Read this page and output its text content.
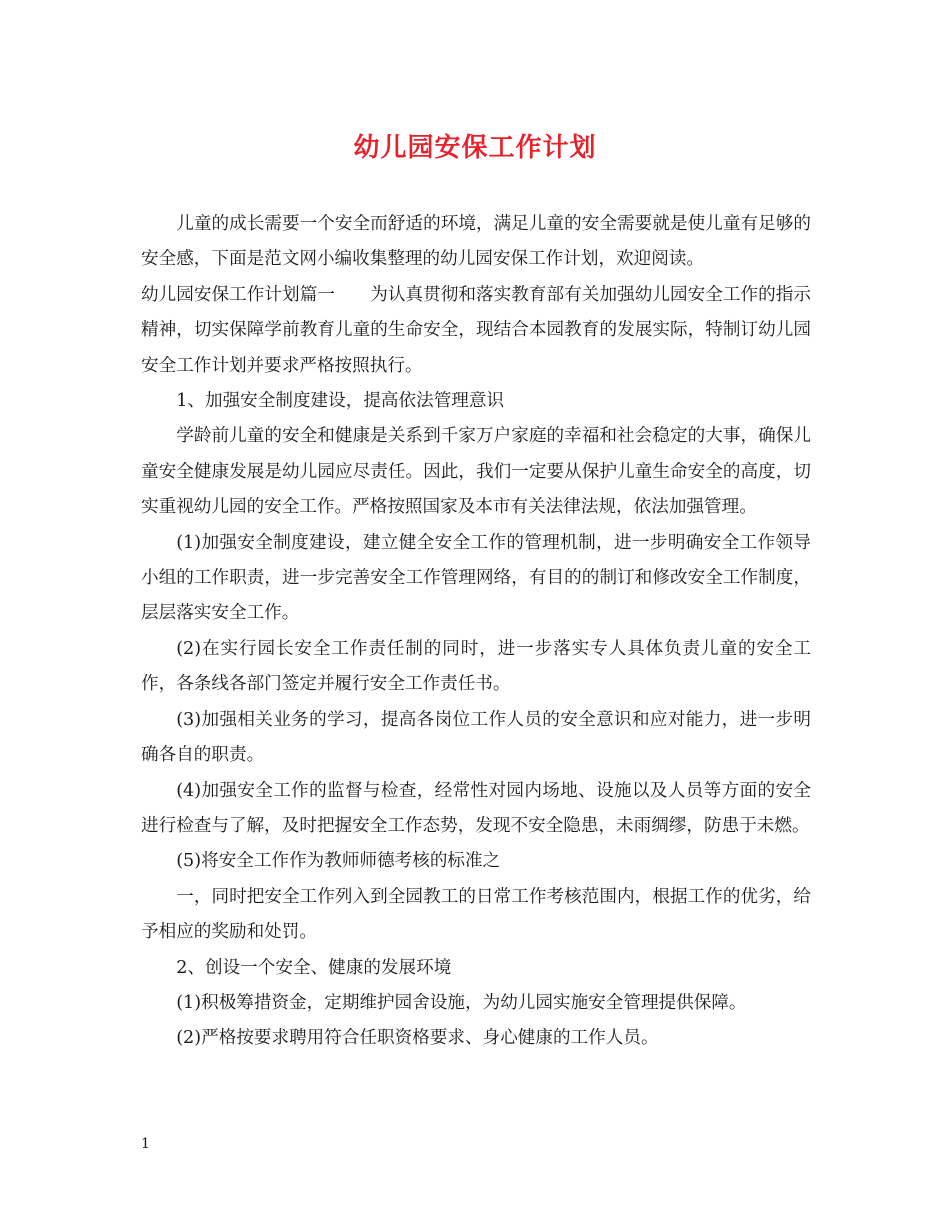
幼儿园安保工作计划

儿童的成长需要一个安全而舒适的环境，满足儿童的安全需要就是使儿童有足够的安全感，下面是范文网小编收集整理的幼儿园安保工作计划，欢迎阅读。

幼儿园安保工作计划篇一　　为认真贯彻和落实教育部有关加强幼儿园安全工作的指示精神，切实保障学前教育儿童的生命安全，现结合本园教育的发展实际，特制订幼儿园安全工作计划并要求严格按照执行。

1、加强安全制度建设，提高依法管理意识

学龄前儿童的安全和健康是关系到千家万户家庭的幸福和社会稳定的大事，确保儿童安全健康发展是幼儿园应尽责任。因此，我们一定要从保护儿童生命安全的高度，切实重视幼儿园的安全工作。严格按照国家及本市有关法律法规，依法加强管理。

(1)加强安全制度建设，建立健全安全工作的管理机制，进一步明确安全工作领导小组的工作职责，进一步完善安全工作管理网络，有目的的制订和修改安全工作制度，层层落实安全工作。

(2)在实行园长安全工作责任制的同时，进一步落实专人具体负责儿童的安全工作，各条线各部门签定并履行安全工作责任书。

(3)加强相关业务的学习，提高各岗位工作人员的安全意识和应对能力，进一步明确各自的职责。

(4)加强安全工作的监督与检查，经常性对园内场地、设施以及人员等方面的安全进行检查与了解，及时把握安全工作态势，发现不安全隐患，未雨绸缪，防患于未燃。

(5)将安全工作作为教师师德考核的标准之

一，同时把安全工作列入到全园教工的日常工作考核范围内，根据工作的优劣，给予相应的奖励和处罚。

2、创设一个安全、健康的发展环境

(1)积极筹措资金，定期维护园舍设施，为幼儿园实施安全管理提供保障。

(2)严格按要求聘用符合任职资格要求、身心健康的工作人员。

1
